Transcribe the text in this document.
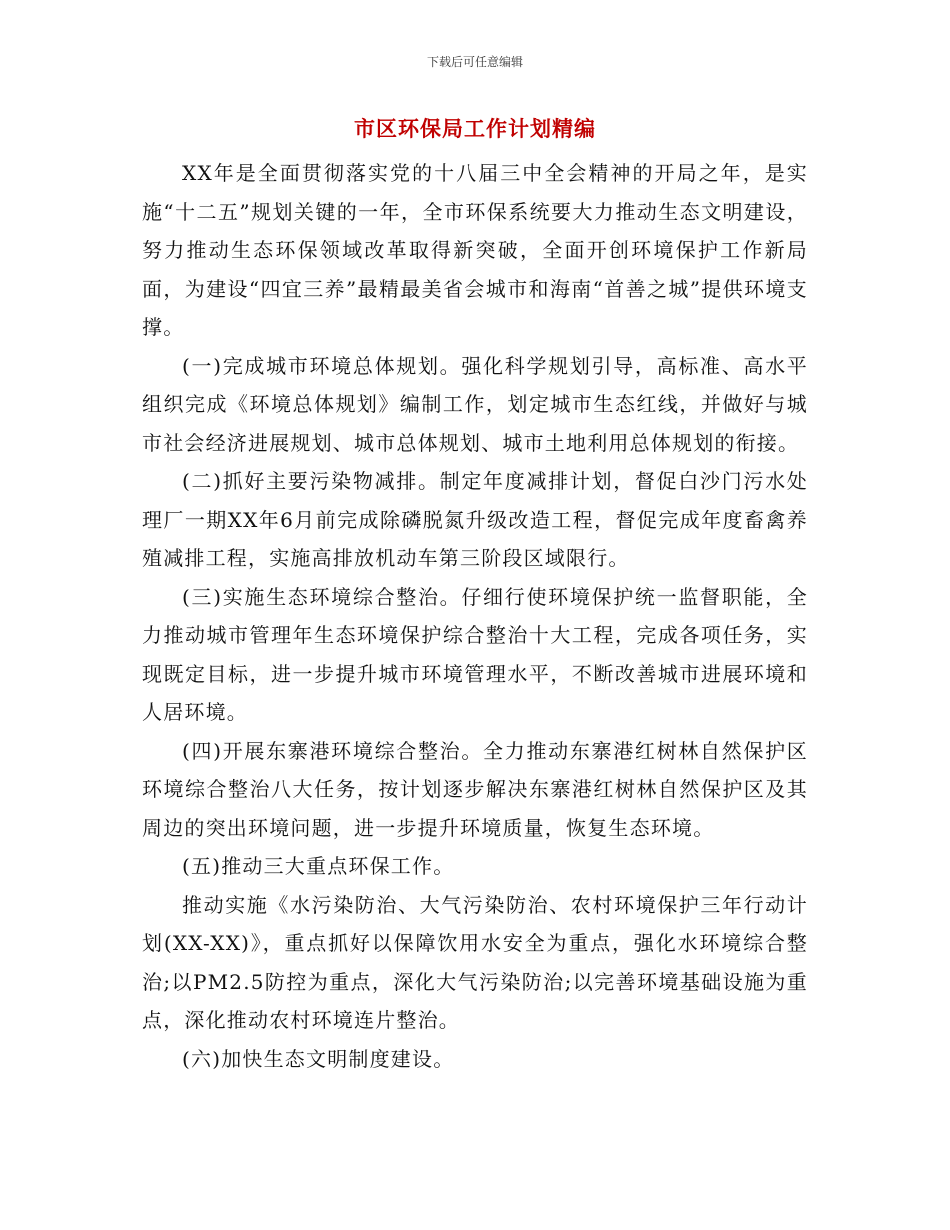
下载后可任意编辑
市区环保局工作计划精编

XX年是全面贯彻落实党的十八届三中全会精神的开局之年，是实施“十二五”规划关键的一年，全市环保系统要大力推动生态文明建设，努力推动生态环保领域改革取得新突破，全面开创环境保护工作新局面，为建设“四宜三养”最精最美省会城市和海南“首善之城”提供环境支撑。

(一)完成城市环境总体规划。强化科学规划引导，高标准、高水平组织完成《环境总体规划》编制工作，划定城市生态红线，并做好与城市社会经济进展规划、城市总体规划、城市土地利用总体规划的衔接。

(二)抓好主要污染物减排。制定年度减排计划，督促白沙门污水处理厂一期XX年6月前完成除磷脱氮升级改造工程，督促完成年度畜禽养殖减排工程，实施高排放机动车第三阶段区域限行。

(三)实施生态环境综合整治。仔细行使环境保护统一监督职能，全力推动城市管理年生态环境保护综合整治十大工程，完成各项任务，实现既定目标，进一步提升城市环境管理水平，不断改善城市进展环境和人居环境。

(四)开展东寨港环境综合整治。全力推动东寨港红树林自然保护区环境综合整治八大任务，按计划逐步解决东寨港红树林自然保护区及其周边的突出环境问题，进一步提升环境质量，恢复生态环境。

(五)推动三大重点环保工作。

推动实施《水污染防治、大气污染防治、农村环境保护三年行动计划(XX-XX)》，重点抓好以保障饮用水安全为重点，强化水环境综合整治;以PM2.5防控为重点，深化大气污染防治;以完善环境基础设施为重点，深化推动农村环境连片整治。

(六)加快生态文明制度建设。
